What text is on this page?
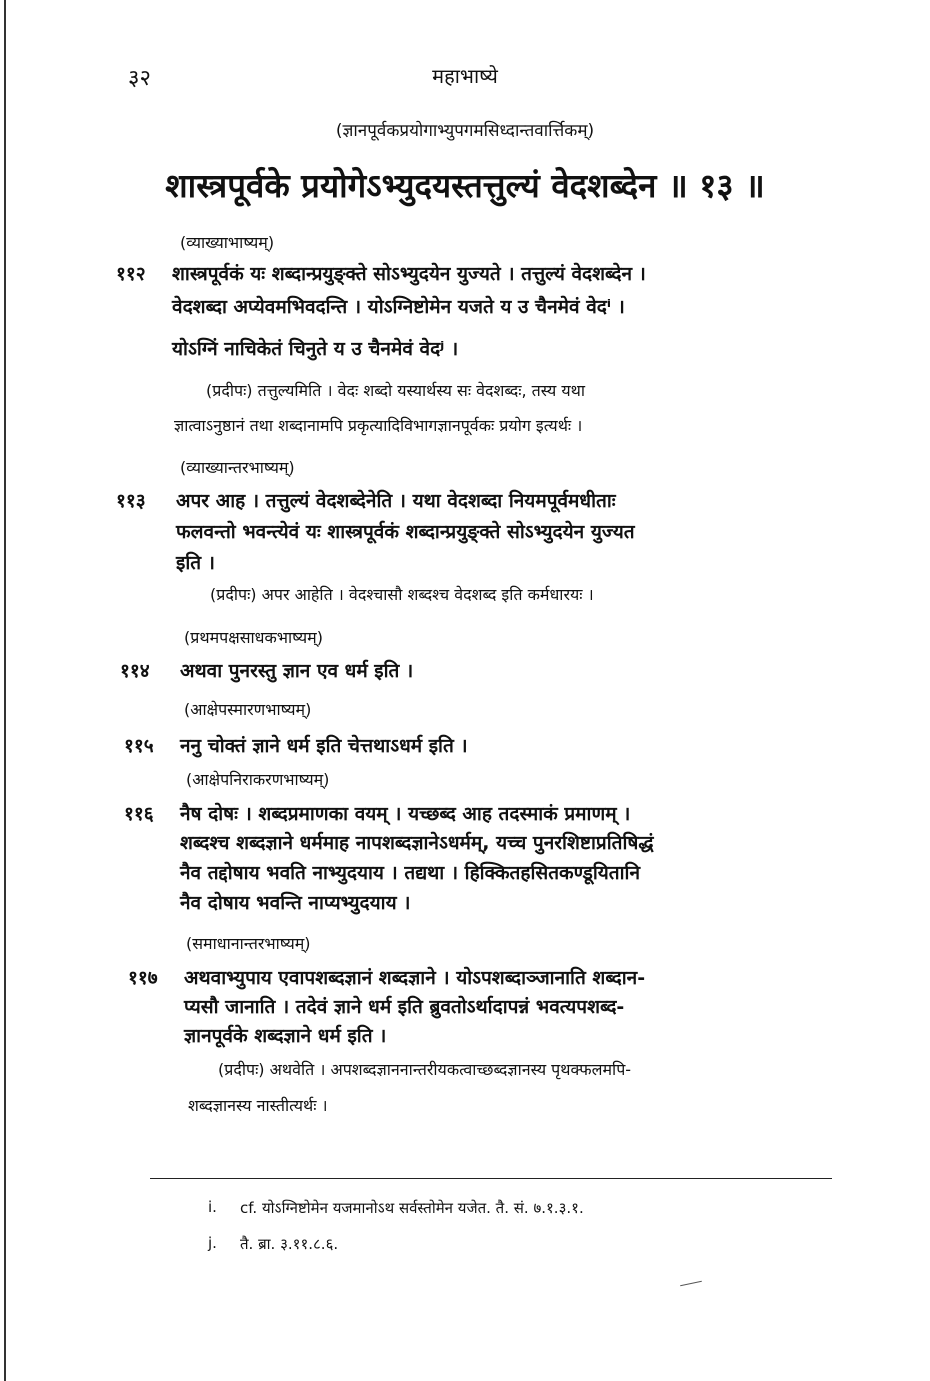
३२	महाभाष्ये
(ज्ञानपूर्वकप्रयोगाभ्युपगमसिध्दान्तवार्त्तिकम्)
शास्त्रपूर्वके प्रयोगेऽभ्युदयस्तत्तुल्यं वेदशब्देन ॥ १३ ॥
(व्याख्याभाष्यम्)
११२ शास्त्रपूर्वकं यः शब्दान्प्रयुङ्क्ते सोऽभ्युदयेन युज्यते । तत्तुल्यं वेदशब्देन ।
वेदशब्दा अप्येवमभिवदन्ति । योऽग्निष्टोमेन यजते य उ चैनमेवं वेदⁱ ।
योऽग्निं नाचिकेतं चिनुते य उ चैनमेवं वेदʲ ।
(प्रदीपः) तत्तुल्यमिति । वेदः शब्दो यस्यार्थस्य सः वेदशब्दः, तस्य यथा
ज्ञात्वाऽनुष्ठानं तथा शब्दानामपि प्रकृत्यादिविभागज्ञानपूर्वकः प्रयोग इत्यर्थः ।
(व्याख्यान्तरभाष्यम्)
११३ अपर आह । तत्तुल्यं वेदशब्देनेति । यथा वेदशब्दा नियमपूर्वमधीताः
फलवन्तो भवन्त्येवं यः शास्त्रपूर्वकं शब्दान्प्रयुङ्क्ते सोऽभ्युदयेन युज्यत
इति ।
(प्रदीपः) अपर आहेति । वेदश्चासौ शब्दश्च वेदशब्द इति कर्मधारयः ।
(प्रथमपक्षसाधकभाष्यम्)
११४ अथवा पुनरस्तु ज्ञान एव धर्म इति ।
(आक्षेपस्मारणभाष्यम्)
११५ ननु चोक्तं ज्ञाने धर्म इति चेत्तथाऽधर्म इति ।
(आक्षेपनिराकरणभाष्यम्)
११६ नैष दोषः । शब्दप्रमाणका वयम् । यच्छब्द आह तदस्माकं प्रमाणम् ।
शब्दश्च शब्दज्ञाने धर्ममाह नापशब्दज्ञानेऽधर्मम्, यच्च पुनरशिष्टाप्रतिषिद्धं
नैव तद्दोषाय भवति नाभ्युदयाय । तद्यथा । हिक्कितहसितकण्डूयितानि
नैव दोषाय भवन्ति नाप्यभ्युदयाय ।
(समाधानान्तरभाष्यम्)
११७ अथवाभ्युपाय एवापशब्दज्ञानं शब्दज्ञाने । योऽपशब्दाञ्जानाति शब्दान-
प्यसौ जानाति । तदेवं ज्ञाने धर्म इति ब्रुवतोऽर्थादापन्नं भवत्यपशब्द-
ज्ञानपूर्वके शब्दज्ञाने धर्म इति ।
(प्रदीपः) अथवेति । अपशब्दज्ञाननान्तरीयकत्वाच्छब्दज्ञानस्य पृथक्फलमपि-
शब्दज्ञानस्य नास्तीत्यर्थः ।
i. cf. योऽग्निष्टोमेन यजमानोऽथ सर्वस्तोमेन यजेत. तै. सं. ७.१.३.१.
j. तै. ब्रा. ३.११.८.६.
